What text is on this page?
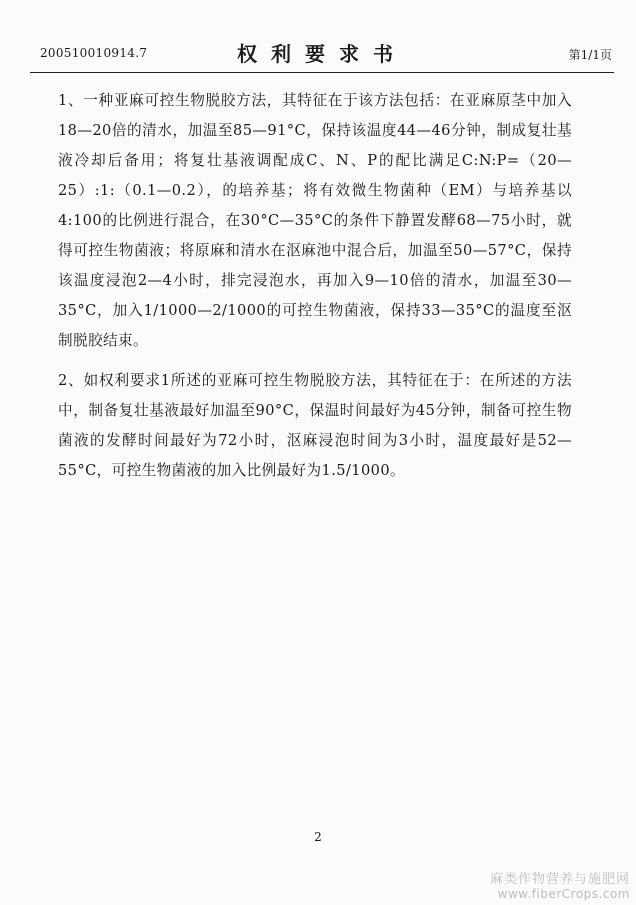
200510010914.7	权利要求书	第1/1页

1、一种亚麻可控生物脱胶方法，其特征在于该方法包括：在亚麻原茎中加入18—20倍的清水，加温至85—91°C，保持该温度44—46分钟，制成复壮基液冷却后备用；将复壮基液调配成C、N、P的配比满足C:N:P=（20—25）:1:（0.1—0.2），的培养基；将有效微生物菌种（EM）与培养基以4:100的比例进行混合，在30°C—35°C的条件下静置发酵68—75小时，就得可控生物菌液；将原麻和清水在沤麻池中混合后，加温至50—57°C，保持该温度浸泡2—4小时，排完浸泡水，再加入9—10倍的清水，加温至30—35°C，加入1/1000—2/1000的可控生物菌液，保持33—35°C的温度至沤制脱胶结束。

2、如权利要求1所述的亚麻可控生物脱胶方法，其特征在于：在所述的方法中，制备复壮基液最好加温至90°C，保温时间最好为45分钟，制备可控生物菌液的发酵时间最好为72小时，沤麻浸泡时间为3小时，温度最好是52—55°C，可控生物菌液的加入比例最好为1.5/1000。

2
麻类作物营养与施肥网
www.fiberCrops.com
